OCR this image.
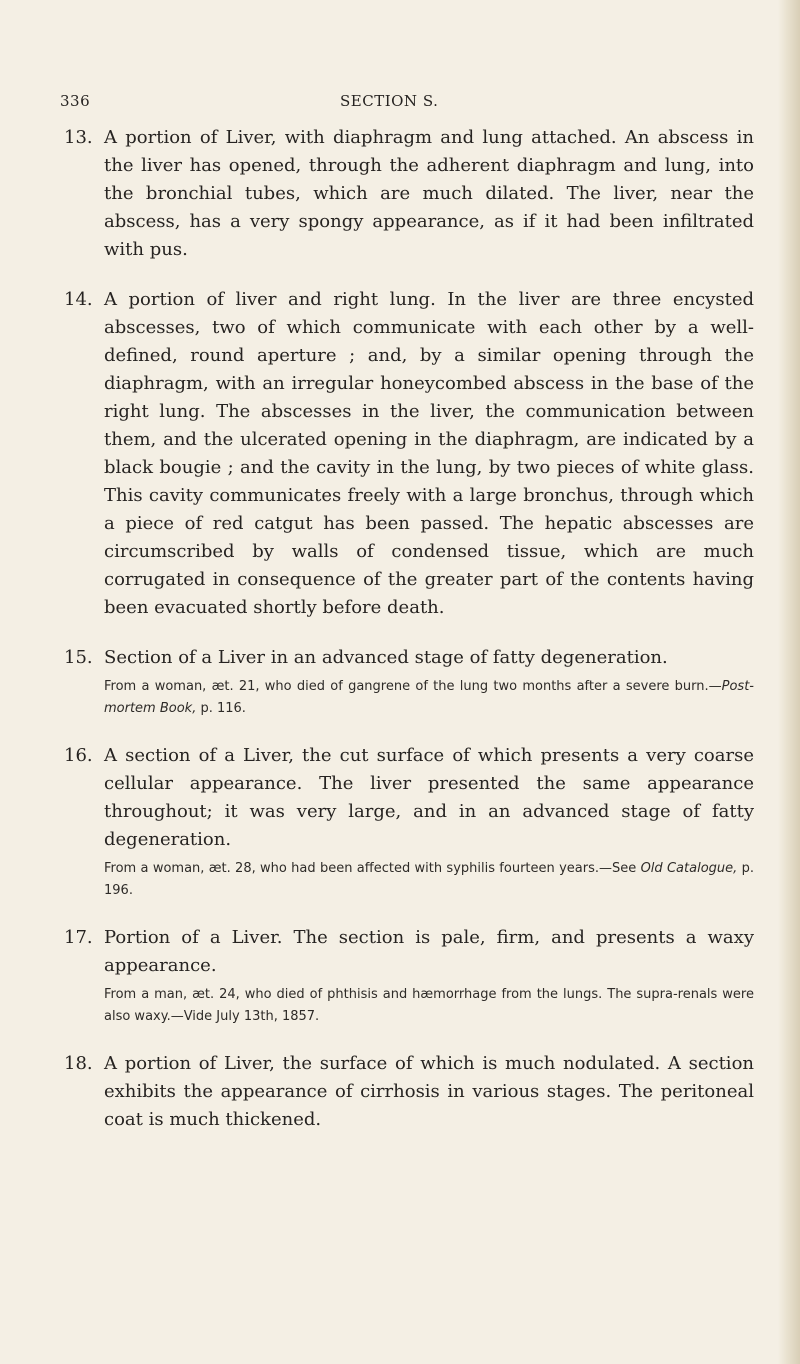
336	SECTION S.
13. A portion of Liver, with diaphragm and lung attached. An abscess in the liver has opened, through the adherent diaphragm and lung, into the bronchial tubes, which are much dilated. The liver, near the abscess, has a very spongy appearance, as if it had been infiltrated with pus.

14. A portion of liver and right lung. In the liver are three encysted abscesses, two of which communicate with each other by a well-defined, round aperture ; and, by a similar opening through the diaphragm, with an irregular honeycombed abscess in the base of the right lung. The abscesses in the liver, the communication between them, and the ulcerated opening in the diaphragm, are indicated by a black bougie ; and the cavity in the lung, by two pieces of white glass. This cavity communicates freely with a large bronchus, through which a piece of red catgut has been passed. The hepatic abscesses are circumscribed by walls of condensed tissue, which are much corrugated in consequence of the greater part of the contents having been evacuated shortly before death.

15. Section of a Liver in an advanced stage of fatty degeneration.

From a woman, æt. 21, who died of gangrene of the lung two months after a severe burn.—Post-mortem Book, p. 116.

16. A section of a Liver, the cut surface of which presents a very coarse cellular appearance. The liver presented the same appearance throughout; it was very large, and in an advanced stage of fatty degeneration.

From a woman, æt. 28, who had been affected with syphilis fourteen years.—See Old Catalogue, p. 196.

17. Portion of a Liver. The section is pale, firm, and presents a waxy appearance.

From a man, æt. 24, who died of phthisis and hæmorrhage from the lungs. The supra-renals were also waxy.—Vide July 13th, 1857.

18. A portion of Liver, the surface of which is much nodulated. A section exhibits the appearance of cirrhosis in various stages. The peritoneal coat is much thickened.
